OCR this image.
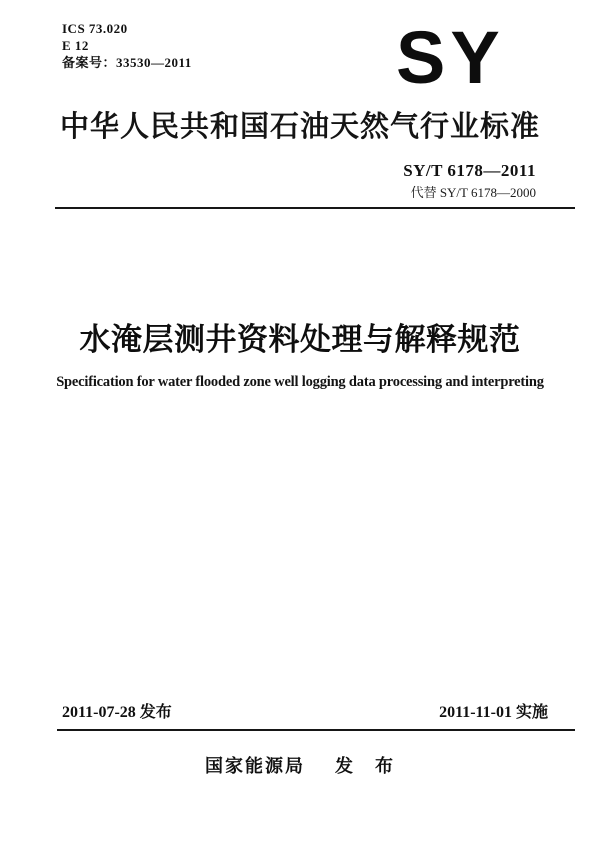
ICS 73.020
E 12
备案号：33530—2011	SY
中华人民共和国石油天然气行业标准
SY/T 6178—2011
代替 SY/T 6178—2000
水淹层测井资料处理与解释规范
Specification for water flooded zone well logging data processing and interpreting
2011-07-28 发布	2011-11-01 实施
国家能源局 发　布
